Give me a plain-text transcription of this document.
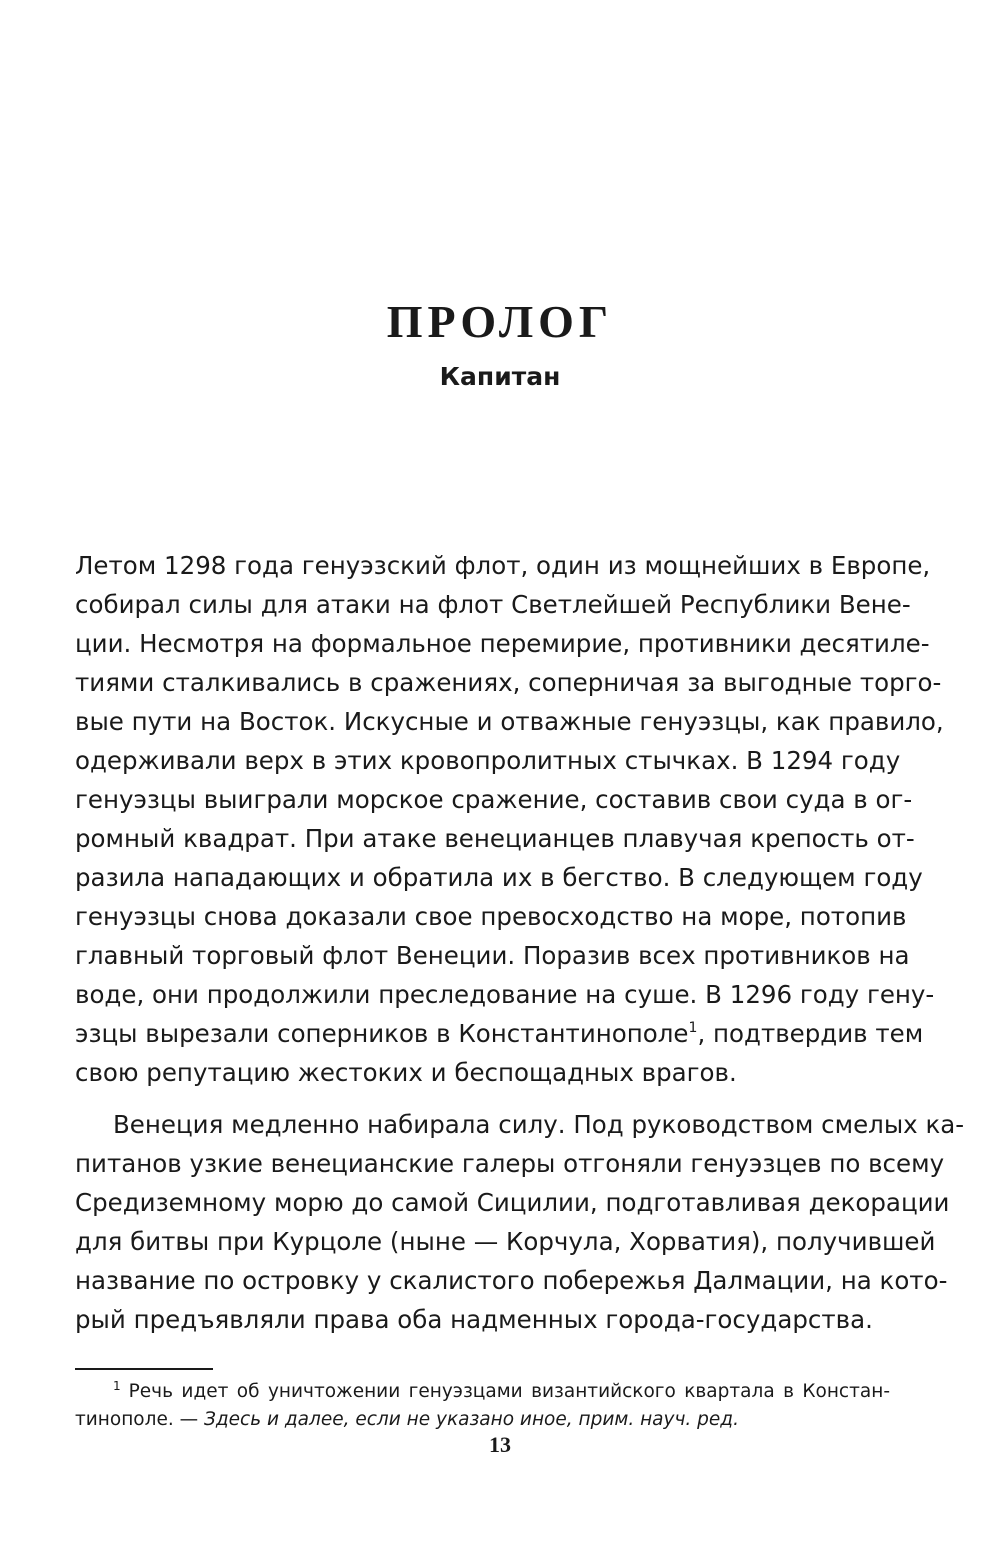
ПРОЛОГ
Капитан

Летом 1298 года генуэзский флот, один из мощнейших в Европе,
собирал силы для атаки на флот Светлейшей Республики Вене-
ции. Несмотря на формальное перемирие, противники десятиле-
тиями сталкивались в сражениях, соперничая за выгодные торго-
вые пути на Восток. Искусные и отважные генуэзцы, как правило,
одерживали верх в этих кровопролитных стычках. В 1294 году
генуэзцы выиграли морское сражение, составив свои суда в ог-
ромный квадрат. При атаке венецианцев плавучая крепость от-
разила нападающих и обратила их в бегство. В следующем году
генуэзцы снова доказали свое превосходство на море, потопив
главный торговый флот Венеции. Поразив всех противников на
воде, они продолжили преследование на суше. В 1296 году гену-
эзцы вырезали соперников в Константинополе$^1$, подтвердив тем
свою репутацию жестоких и беспощадных врагов.

Венеция медленно набирала силу. Под руководством смелых ка-
питанов узкие венецианские галеры отгоняли генуэзцев по всему
Средиземному морю до самой Сицилии, подготавливая декорации
для битвы при Курцоле (ныне — Корчула, Хорватия), получившей
название по островку у скалистого побережья Далмации, на кото-
рый предъявляли права оба надменных города-государства.

$^1$ Речь идет об уничтожении генуэзцами византийского квартала в Констан-
тинополе. — Здесь и далее, если не указано иное, прим. науч. ред.
13
